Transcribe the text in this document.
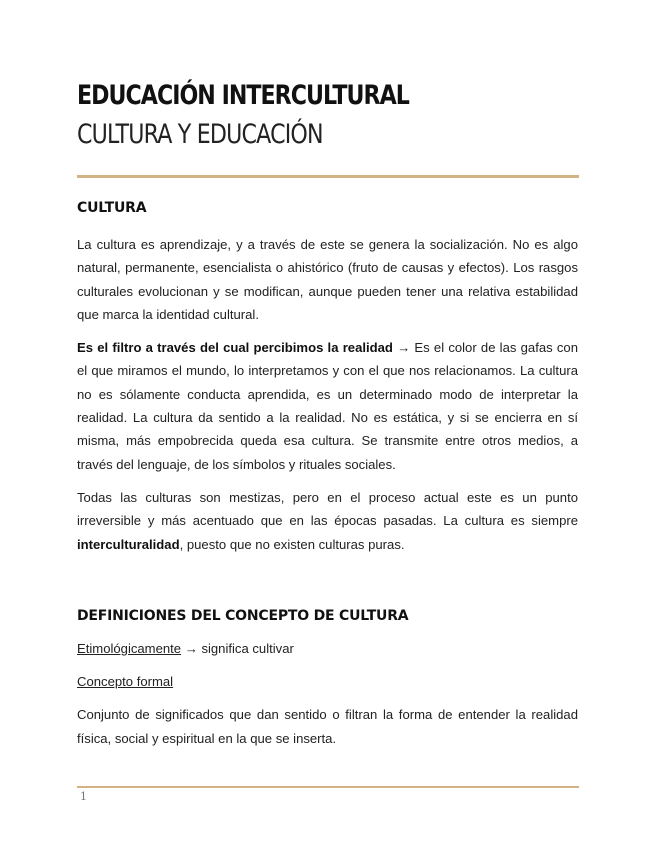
EDUCACIÓN INTERCULTURAL
CULTURA Y EDUCACIÓN
CULTURA

La cultura es aprendizaje, y a través de este se genera la socialización. No es algo natural, permanente, esencialista o ahistórico (fruto de causas y efectos). Los rasgos culturales evolucionan y se modifican, aunque pueden tener una relativa estabilidad que marca la identidad cultural.

Es el filtro a través del cual percibimos la realidad → Es el color de las gafas con el que miramos el mundo, lo interpretamos y con el que nos relacionamos. La cultura no es sólamente conducta aprendida, es un determinado modo de interpretar la realidad. La cultura da sentido a la realidad. No es estática, y si se encierra en sí misma, más empobrecida queda esa cultura. Se transmite entre otros medios, a través del lenguaje, de los símbolos y rituales sociales.

Todas las culturas son mestizas, pero en el proceso actual este es un punto irreversible y más acentuado que en las épocas pasadas. La cultura es siempre interculturalidad, puesto que no existen culturas puras.

DEFINICIONES DEL CONCEPTO DE CULTURA

Etimológicamente → significa cultivar

Concepto formal

Conjunto de significados que dan sentido o filtran la forma de entender la realidad física, social y espiritual en la que se inserta.

1
